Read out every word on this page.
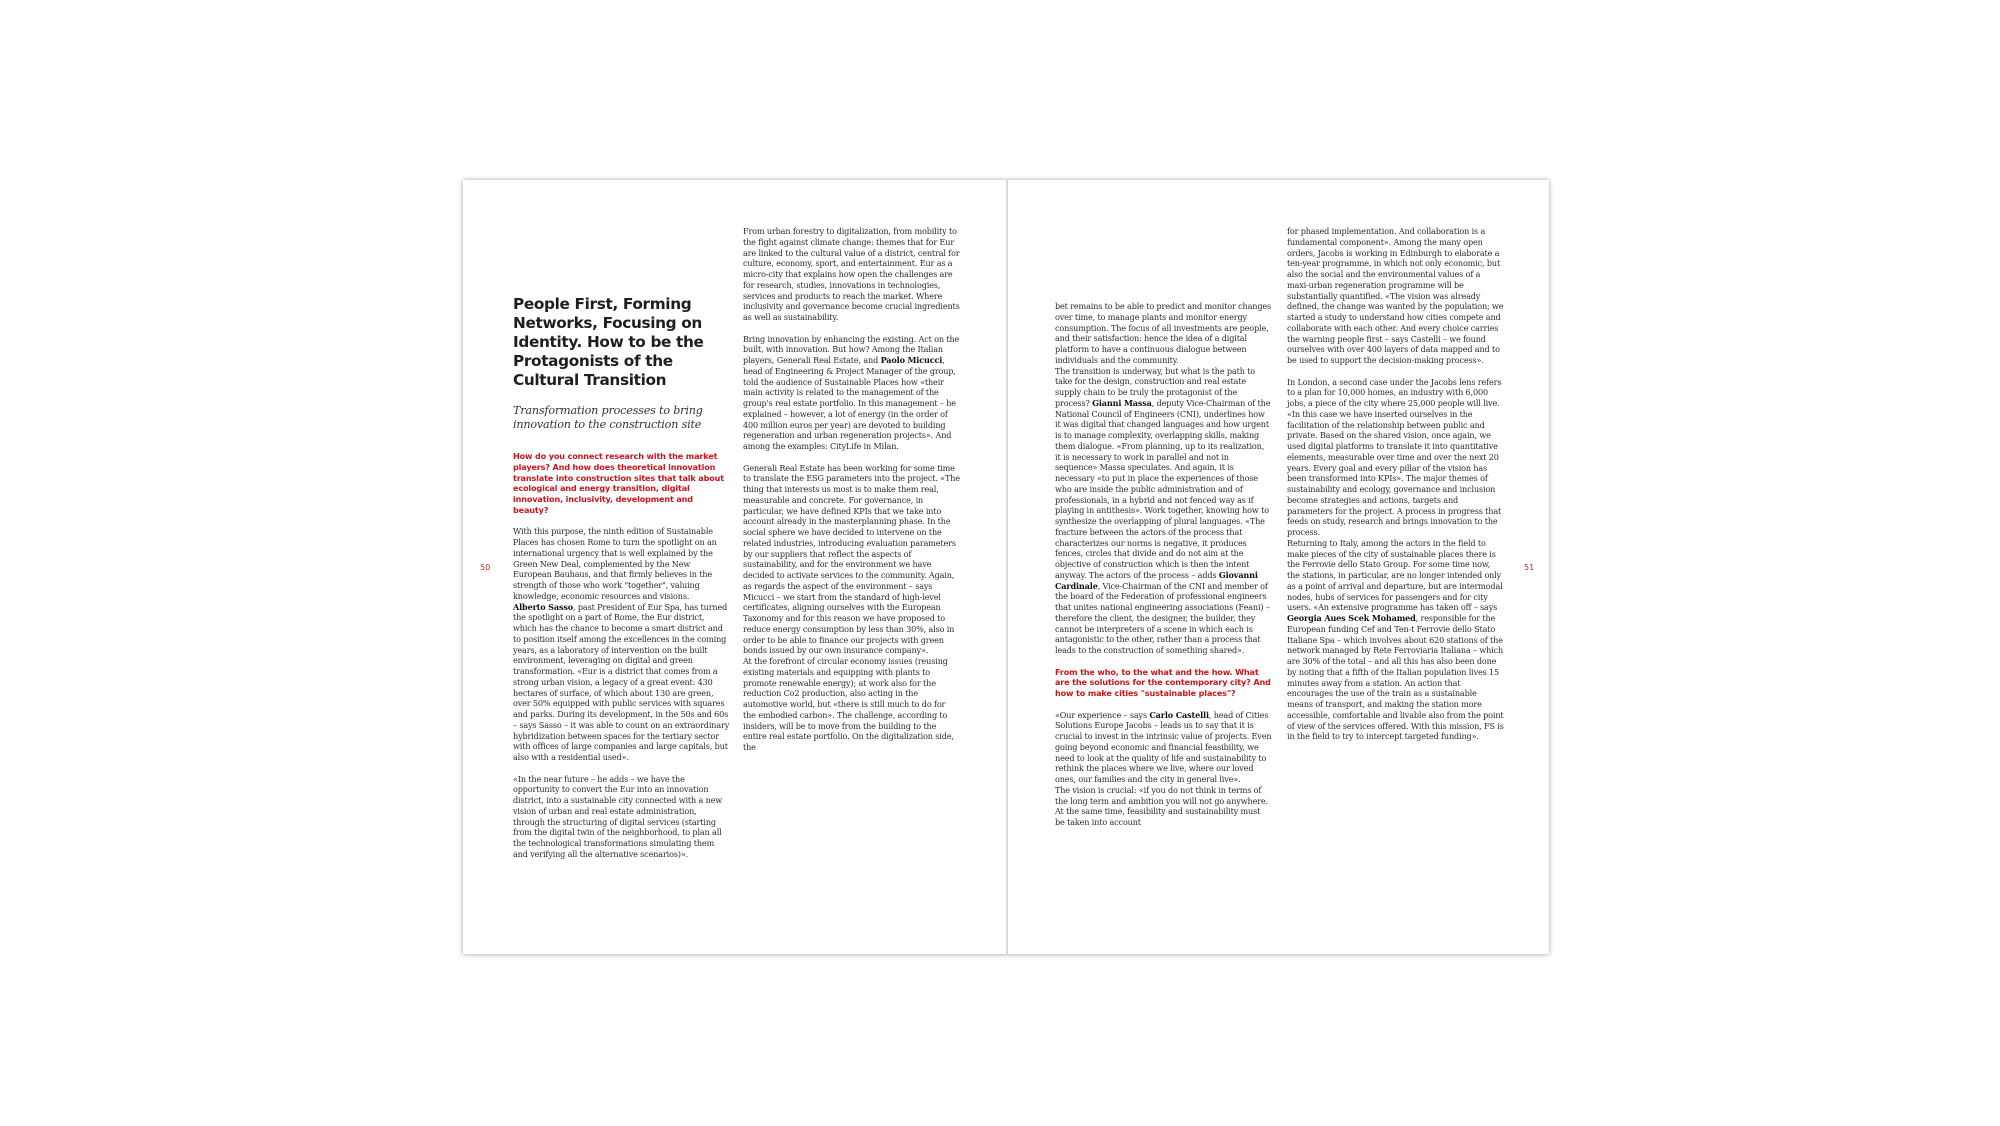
50	51
People First, Forming Networks, Focusing on Identity. How to be the Protagonists of the Cultural Transition
Transformation processes to bring innovation to the construction site
How do you connect research with the market players? And how does theoretical innovation translate into construction sites that talk about ecological and energy transition, digital innovation, inclusivity, development and beauty?

With this purpose, the ninth edition of Sustainable Places has chosen Rome to turn the spotlight on an international urgency that is well explained by the Green New Deal, complemented by the New European Bauhaus, and that firmly believes in the strength of those who work "together", valuing knowledge, economic resources and visions.

Alberto Sasso, past President of Eur Spa, has turned the spotlight on a part of Rome, the Eur district, which has the chance to become a smart district and to position itself among the excellences in the coming years, as a laboratory of intervention on the built environment, leveraging on digital and green transformation. «Eur is a district that comes from a strong urban vision, a legacy of a great event: 430 hectares of surface, of which about 130 are green, over 50% equipped with public services with squares and parks. During its development, in the 50s and 60s – says Sasso – it was able to count on an extraordinary hybridization between spaces for the tertiary sector with offices of large companies and large capitals, but also with a residential used».

«In the near future – he adds – we have the opportunity to convert the Eur into an innovation district, into a sustainable city connected with a new vision of urban and real estate administration, through the structuring of digital services (starting from the digital twin of the neighborhood, to plan all the technological transformations simulating them and verifying all the alternative scenarios)».

From urban forestry to digitalization, from mobility to the fight against climate change: themes that for Eur are linked to the cultural value of a district, central for culture, economy, sport, and entertainment. Eur as a micro-city that explains how open the challenges are for research, studies, innovations in technologies, services and products to reach the market. Where inclusivity and governance become crucial ingredients as well as sustainability.

Bring innovation by enhancing the existing. Act on the built, with innovation. But how? Among the Italian players, Generali Real Estate, and Paolo Micucci, head of Engineering & Project Manager of the group, told the audience of Sustainable Places how «their main activity is related to the management of the group's real estate portfolio. In this management – he explained – however, a lot of energy (in the order of 400 million euros per year) are devoted to building regeneration and urban regeneration projects». And among the examples: CityLife in Milan.

Generali Real Estate has been working for some time to translate the ESG parameters into the project. «The thing that interests us most is to make them real, measurable and concrete. For governance, in particular, we have defined KPIs that we take into account already in the masterplanning phase. In the social sphere we have decided to intervene on the related industries, introducing evaluation parameters by our suppliers that reflect the aspects of sustainability, and for the environment we have decided to activate services to the community. Again, as regards the aspect of the environment – says Micucci – we start from the standard of high-level certificates, aligning ourselves with the European Taxonomy and for this reason we have proposed to reduce energy consumption by less than 30%, also in order to be able to finance our projects with green bonds issued by our own insurance company».

At the forefront of circular economy issues (reusing existing materials and equipping with plants to promote renewable energy); at work also for the reduction Co2 production, also acting in the automotive world, but «there is still much to do for the embodied carbon». The challenge, according to insiders, will be to move from the building to the entire real estate portfolio. On the digitalization side, the

bet remains to be able to predict and monitor changes over time, to manage plants and monitor energy consumption. The focus of all investments are people, and their satisfaction: hence the idea of a digital platform to have a continuous dialogue between individuals and the community.

The transition is underway, but what is the path to take for the design, construction and real estate supply chain to be truly the protagonist of the process? Gianni Massa, deputy Vice-Chairman of the National Council of Engineers (CNI), underlines how it was digital that changed languages and how urgent is to manage complexity, overlapping skills, making them dialogue. «From planning, up to its realization, it is necessary to work in parallel and not in sequence» Massa speculates. And again, it is necessary «to put in place the experiences of those who are inside the public administration and of professionals, in a hybrid and not fenced way as if playing in antithesis». Work together, knowing how to synthesize the overlapping of plural languages. «The fracture between the actors of the process that characterizes our norms is negative, it produces fences, circles that divide and do not aim at the objective of construction which is then the intent anyway. The actors of the process – adds Giovanni Cardinale, Vice-Chairman of the CNI and member of the board of the Federation of professional engineers that unites national engineering associations (Feani) – therefore the client, the designer, the builder, they cannot be interpreters of a scene in which each is antagonistic to the other, rather than a process that leads to the construction of something shared».

From the who, to the what and the how. What are the solutions for the contemporary city? And how to make cities "sustainable places"?

«Our experience – says Carlo Castelli, head of Cities Solutions Europe Jacobs – leads us to say that it is crucial to invest in the intrinsic value of projects. Even going beyond economic and financial feasibility, we need to look at the quality of life and sustainability to rethink the places where we live, where our loved ones, our families and the city in general live».

The vision is crucial: «if you do not think in terms of the long term and ambition you will not go anywhere. At the same time, feasibility and sustainability must be taken into account

for phased implementation. And collaboration is a fundamental component». Among the many open orders, Jacobs is working in Edinburgh to elaborate a ten-year programme, in which not only economic, but also the social and the environmental values of a maxi-urban regeneration programme will be substantially quantified. «The vision was already defined, the change was wanted by the population; we started a study to understand how cities compete and collaborate with each other. And every choice carries the warning people first – says Castelli – we found ourselves with over 400 layers of data mapped and to be used to support the decision-making process».

In London, a second case under the Jacobs lens refers to a plan for 10,000 homes, an industry with 6,000 jobs, a piece of the city where 25,000 people will live. «In this case we have inserted ourselves in the facilitation of the relationship between public and private. Based on the shared vision, once again, we used digital platforms to translate it into quantitative elements, measurable over time and over the next 20 years. Every goal and every pillar of the vision has been transformed into KPIs». The major themes of sustainability and ecology, governance and inclusion become strategies and actions, targets and parameters for the project. A process in progress that feeds on study, research and brings innovation to the process.

Returning to Italy, among the actors in the field to make pieces of the city of sustainable places there is the Ferrovie dello Stato Group. For some time now, the stations, in particular, are no longer intended only as a point of arrival and departure, but are intermodal nodes, hubs of services for passengers and for city users. «An extensive programme has taken off – says Georgia Aues Scek Mohamed, responsible for the European funding Cef and Ten-t Ferrovie dello Stato Italiane Spa – which involves about 620 stations of the network managed by Rete Ferroviaria Italiana – which are 30% of the total – and all this has also been done by noting that a fifth of the Italian population lives 15 minutes away from a station. An action that encourages the use of the train as a sustainable means of transport, and making the station more accessible, comfortable and livable also from the point of view of the services offered. With this mission, FS is in the field to try to intercept targeted funding».
